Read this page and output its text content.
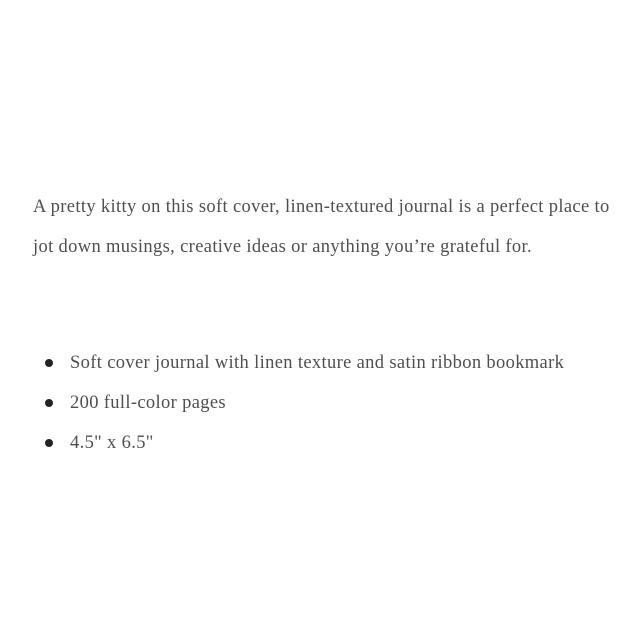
A pretty kitty on this soft cover, linen-textured journal is a perfect place to jot down musings, creative ideas or anything you’re grateful for.

Soft cover journal with linen texture and satin ribbon bookmark
200 full-color pages
4.5" x 6.5"
